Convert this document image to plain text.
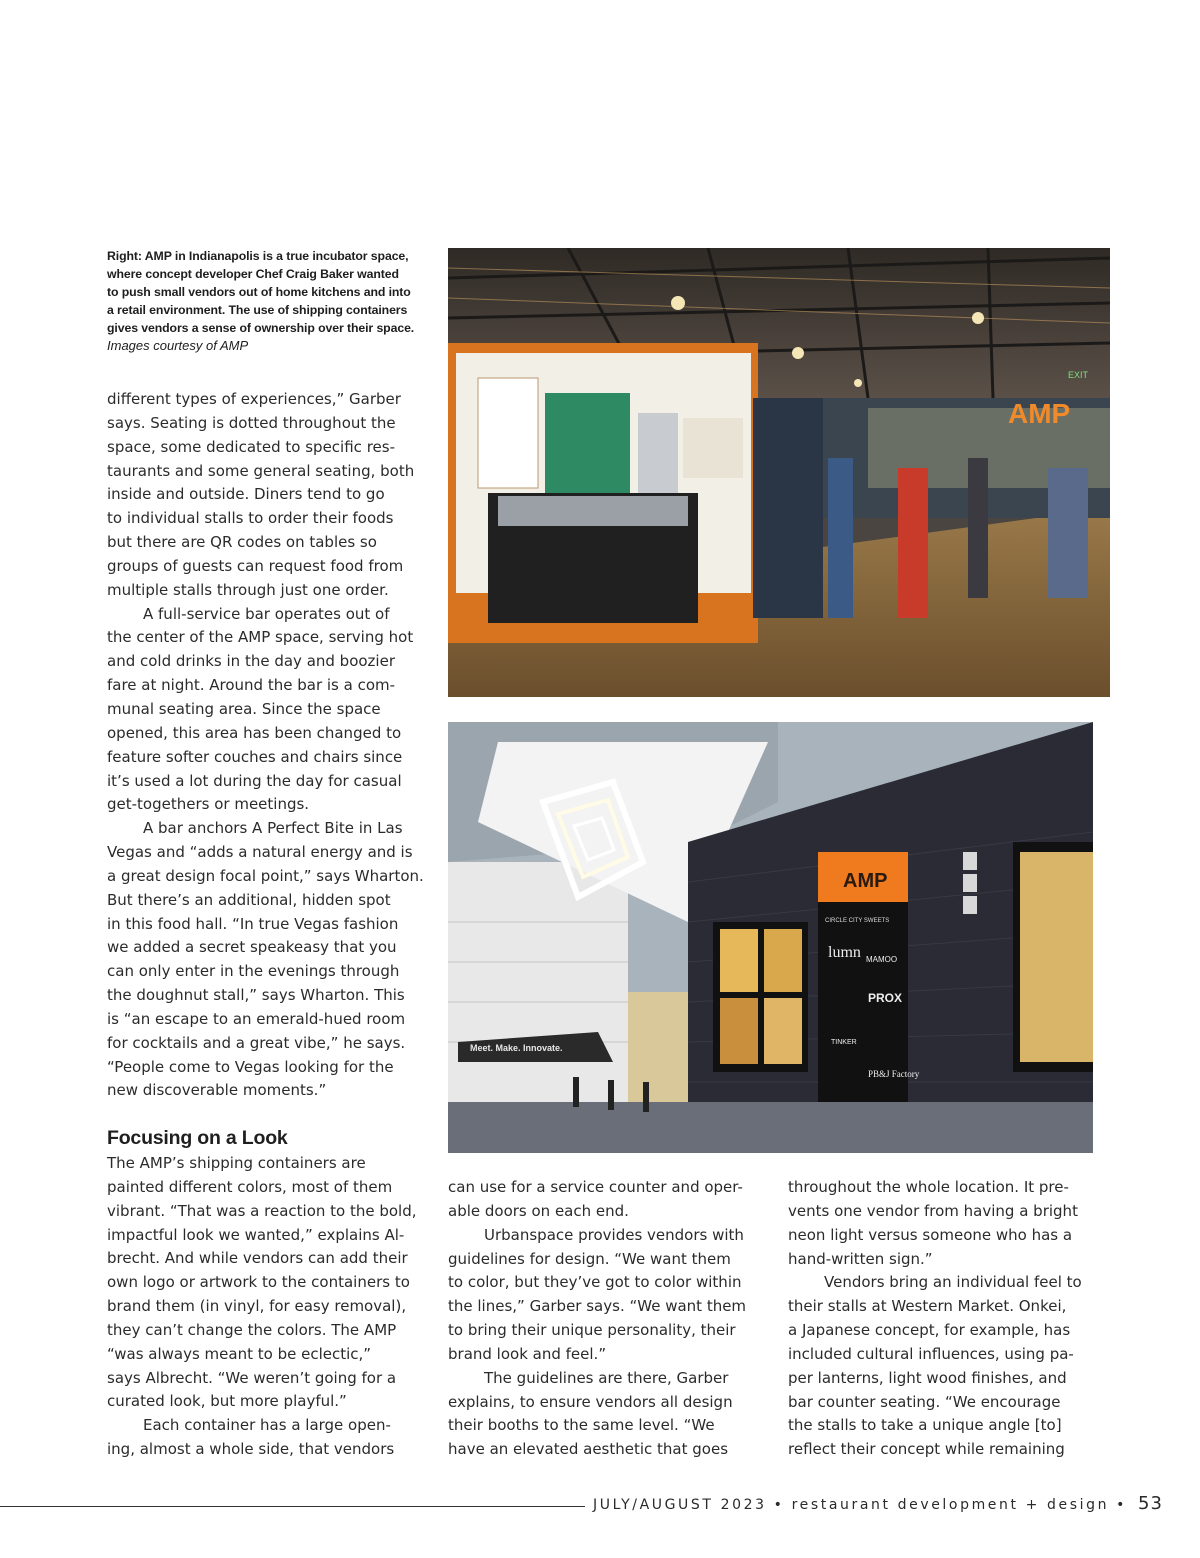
Right: AMP in Indianapolis is a true incubator space,
where concept developer Chef Craig Baker wanted
to push small vendors out of home kitchens and into
a retail environment. The use of shipping containers
gives vendors a sense of ownership over their space.
Images courtesy of AMP
AMP
EXIT
Meet. Make. Innovate.
AMP
CIRCLE CITY SWEETS
lumn MAMOO
PROX
TINKER
PB&J Factory

different types of experiences,” Garber

says. Seating is dotted throughout the

space, some dedicated to specific res-

taurants and some general seating, both

inside and outside. Diners tend to go

to individual stalls to order their foods

but there are QR codes on tables so

groups of guests can request food from

multiple stalls through just one order.

A full-service bar operates out of

the center of the AMP space, serving hot

and cold drinks in the day and boozier

fare at night. Around the bar is a com-

munal seating area. Since the space

opened, this area has been changed to

feature softer couches and chairs since

it’s used a lot during the day for casual

get-togethers or meetings.

A bar anchors A Perfect Bite in Las

Vegas and “adds a natural energy and is

a great design focal point,” says Wharton.

But there’s an additional, hidden spot

in this food hall. “In true Vegas fashion

we added a secret speakeasy that you

can only enter in the evenings through

the doughnut stall,” says Wharton. This

is “an escape to an emerald-hued room

for cocktails and a great vibe,” he says.

“People come to Vegas looking for the

new discoverable moments.”

Focusing on a Look

The AMP’s shipping containers are

painted different colors, most of them

vibrant. “That was a reaction to the bold,

impactful look we wanted,” explains Al-

brecht. And while vendors can add their

own logo or artwork to the containers to

brand them (in vinyl, for easy removal),

they can’t change the colors. The AMP

“was always meant to be eclectic,”

says Albrecht. “We weren’t going for a

curated look, but more playful.”

Each container has a large open-

ing, almost a whole side, that vendors

can use for a service counter and oper-

able doors on each end.

Urbanspace provides vendors with

guidelines for design. “We want them

to color, but they’ve got to color within

the lines,” Garber says. “We want them

to bring their unique personality, their

brand look and feel.”

The guidelines are there, Garber

explains, to ensure vendors all design

their booths to the same level. “We

have an elevated aesthetic that goes

throughout the whole location. It pre-

vents one vendor from having a bright

neon light versus someone who has a

hand-written sign.”

Vendors bring an individual feel to

their stalls at Western Market. Onkei,

a Japanese concept, for example, has

included cultural influences, using pa-

per lanterns, light wood finishes, and

bar counter seating. “We encourage

the stalls to take a unique angle [to]

reflect their concept while remaining

JULY/AUGUST 2023 • restaurant development + design • 53
